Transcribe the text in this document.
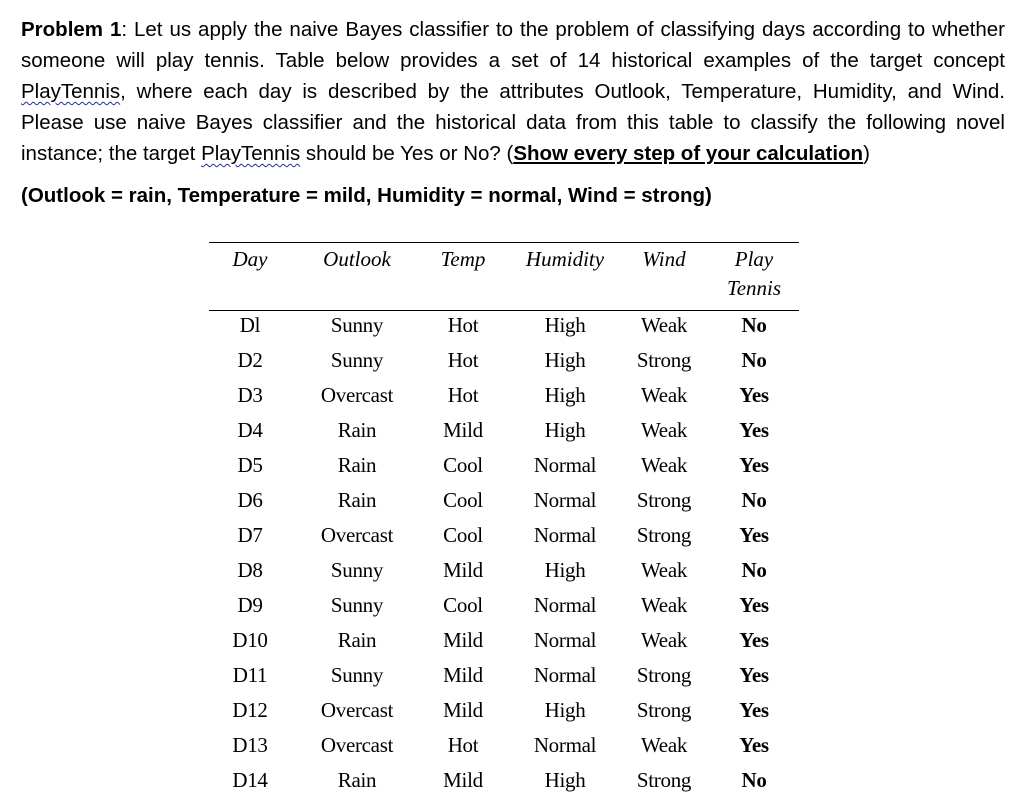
Problem 1: Let us apply the naive Bayes classifier to the problem of classifying days according to whether someone will play tennis. Table below provides a set of 14 historical examples of the target concept PlayTennis, where each day is described by the attributes Outlook, Temperature, Humidity, and Wind. Please use naive Bayes classifier and the historical data from this table to classify the following novel instance; the target PlayTennis should be Yes or No? (Show every step of your calculation)

(Outlook = rain, Temperature = mild, Humidity = normal, Wind = strong)

Day	Outlook	Temp	Humidity	Wind	Play
Tennis
Dl	Sunny	Hot	High	Weak	No
D2	Sunny	Hot	High	Strong	No
D3	Overcast	Hot	High	Weak	Yes
D4	Rain	Mild	High	Weak	Yes
D5	Rain	Cool	Normal	Weak	Yes
D6	Rain	Cool	Normal	Strong	No
D7	Overcast	Cool	Normal	Strong	Yes
D8	Sunny	Mild	High	Weak	No
D9	Sunny	Cool	Normal	Weak	Yes
D10	Rain	Mild	Normal	Weak	Yes
D11	Sunny	Mild	Normal	Strong	Yes
D12	Overcast	Mild	High	Strong	Yes
D13	Overcast	Hot	Normal	Weak	Yes
D14	Rain	Mild	High	Strong	No
